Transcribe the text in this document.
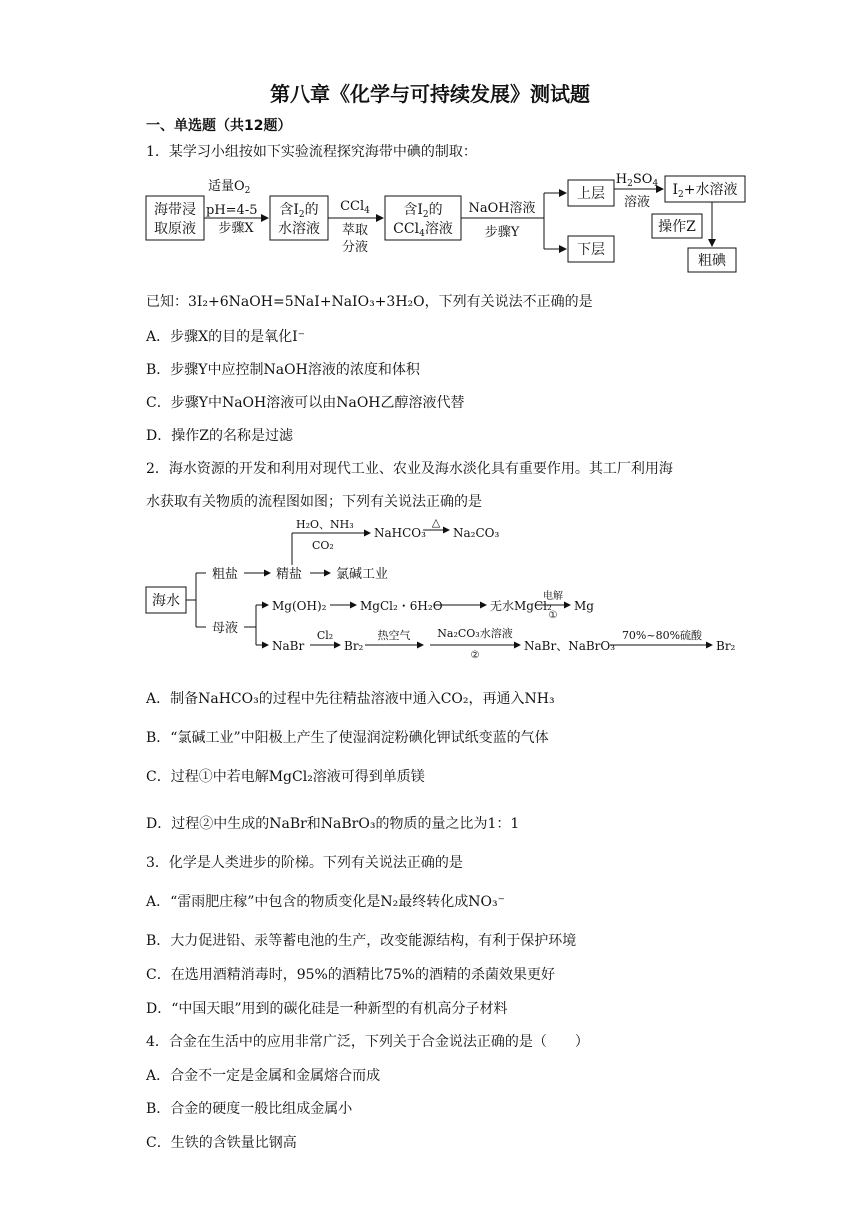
第八章《化学与可持续发展》测试题
一、单选题（共12题）
1．某学习小组按如下实验流程探究海带中碘的制取：
海带浸
取原液
适量$O_2$
pH=4-5
步骤X
含$I_2$的
水溶液
CCl$_4$
萃取
分液
含$I_2$的
CCl$_4$溶液
NaOH溶液
步骤Y
上层
下层
$H_2SO_4$
溶液
$I_2+$水溶液
操作Z
粗碘
已知：3I₂+6NaOH=5NaI+NaIO₃+3H₂O，下列有关说法不正确的是
A．步骤X的目的是氧化I⁻
B．步骤Y中应控制NaOH溶液的浓度和体积
C．步骤Y中NaOH溶液可以由NaOH乙醇溶液代替
D．操作Z的名称是过滤
2．海水资源的开发和利用对现代工业、农业及海水淡化具有重要作用。其工厂利用海
水获取有关物质的流程图如图；下列有关说法正确的是
海水
粗盐	精盐	氯碱工业
H₂O、NH₃
CO₂
NaHCO₃
△
Na₂CO₃
母液
Mg(OH)₂	MgCl₂・6H₂O	无水MgCl₂
电解
①
Mg
NaBr
Cl₂
Br₂
热空气 Na₂CO₃水溶液
②
NaBr、NaBrO₃
70%~80%硫酸
Br₂
A．制备NaHCO₃的过程中先往精盐溶液中通入CO₂，再通入NH₃
B．“氯碱工业”中阳极上产生了使湿润淀粉碘化钾试纸变蓝的气体
C．过程①中若电解MgCl₂溶液可得到单质镁
D．过程②中生成的NaBr和NaBrO₃的物质的量之比为1：1
3．化学是人类进步的阶梯。下列有关说法正确的是
A．“雷雨肥庄稼”中包含的物质变化是N₂最终转化成NO₃⁻
B．大力促进铅、汞等蓄电池的生产，改变能源结构，有利于保护环境
C．在选用酒精消毒时，95%的酒精比75%的酒精的杀菌效果更好
D．“中国天眼”用到的碳化硅是一种新型的有机高分子材料
4．合金在生活中的应用非常广泛，下列关于合金说法正确的是（　　）
A．合金不一定是金属和金属熔合而成
B．合金的硬度一般比组成金属小
C．生铁的含铁量比钢高
